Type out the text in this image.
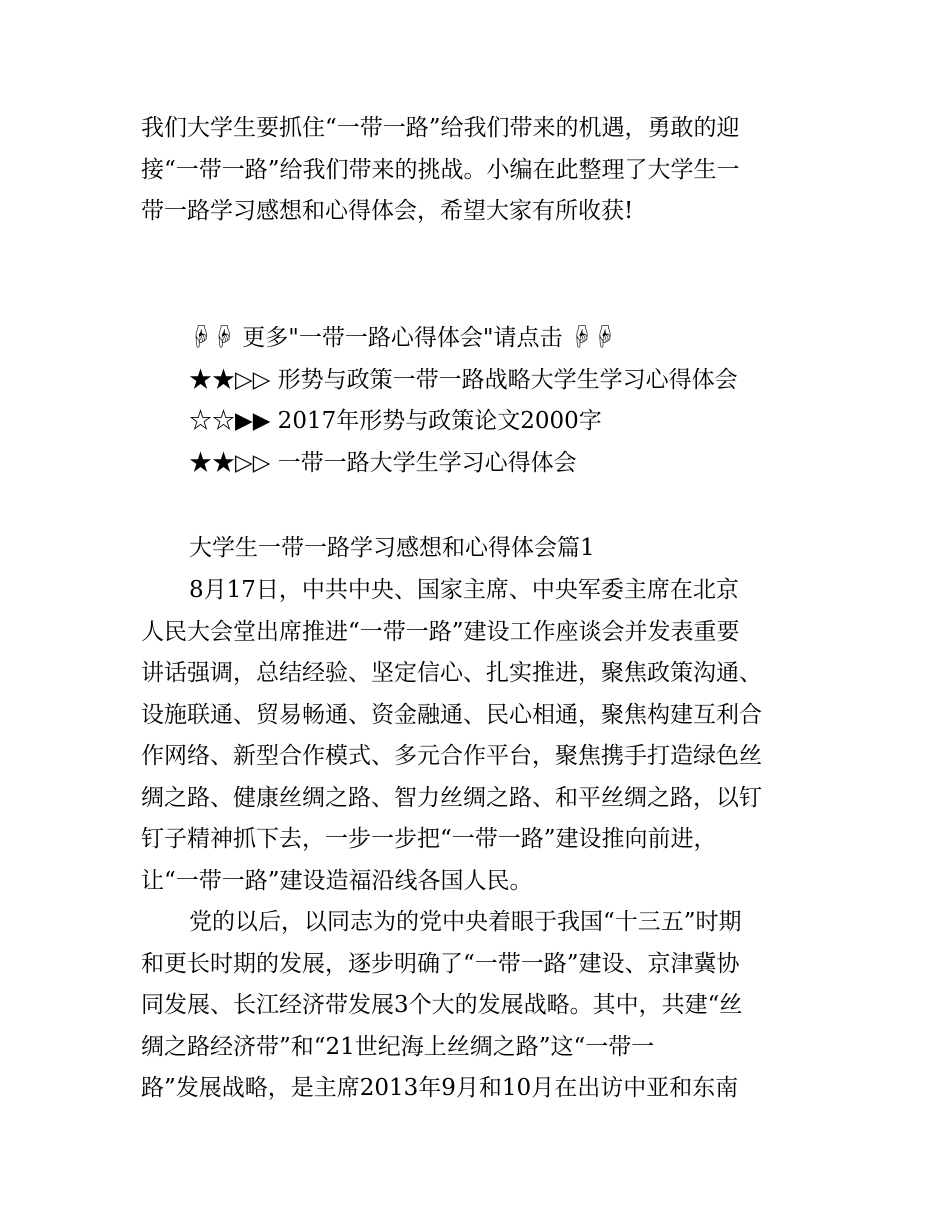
我们大学生要抓住“一带一路”给我们带来的机遇，勇敢的迎
接“一带一路”给我们带来的挑战。小编在此整理了大学生一
带一路学习感想和心得体会，希望大家有所收获!
☟☟ 更多"一带一路心得体会"请点击 ☟☟
★★▷▷ 形势与政策一带一路战略大学生学习心得体会
☆☆▶▶ 2017年形势与政策论文2000字
★★▷▷ 一带一路大学生学习心得体会
大学生一带一路学习感想和心得体会篇1
8月17日，中共中央、国家主席、中央军委主席在北京
人民大会堂出席推进“一带一路”建设工作座谈会并发表重要
讲话强调，总结经验、坚定信心、扎实推进，聚焦政策沟通、
设施联通、贸易畅通、资金融通、民心相通，聚焦构建互利合
作网络、新型合作模式、多元合作平台，聚焦携手打造绿色丝
绸之路、健康丝绸之路、智力丝绸之路、和平丝绸之路，以钉
钉子精神抓下去，一步一步把“一带一路”建设推向前进，
让“一带一路”建设造福沿线各国人民。
党的以后，以同志为的党中央着眼于我国“十三五”时期
和更长时期的发展，逐步明确了“一带一路”建设、京津冀协
同发展、长江经济带发展3个大的发展战略。其中，共建“丝
绸之路经济带”和“21世纪海上丝绸之路”这“一带一
路”发展战略，是主席2013年9月和10月在出访中亚和东南
